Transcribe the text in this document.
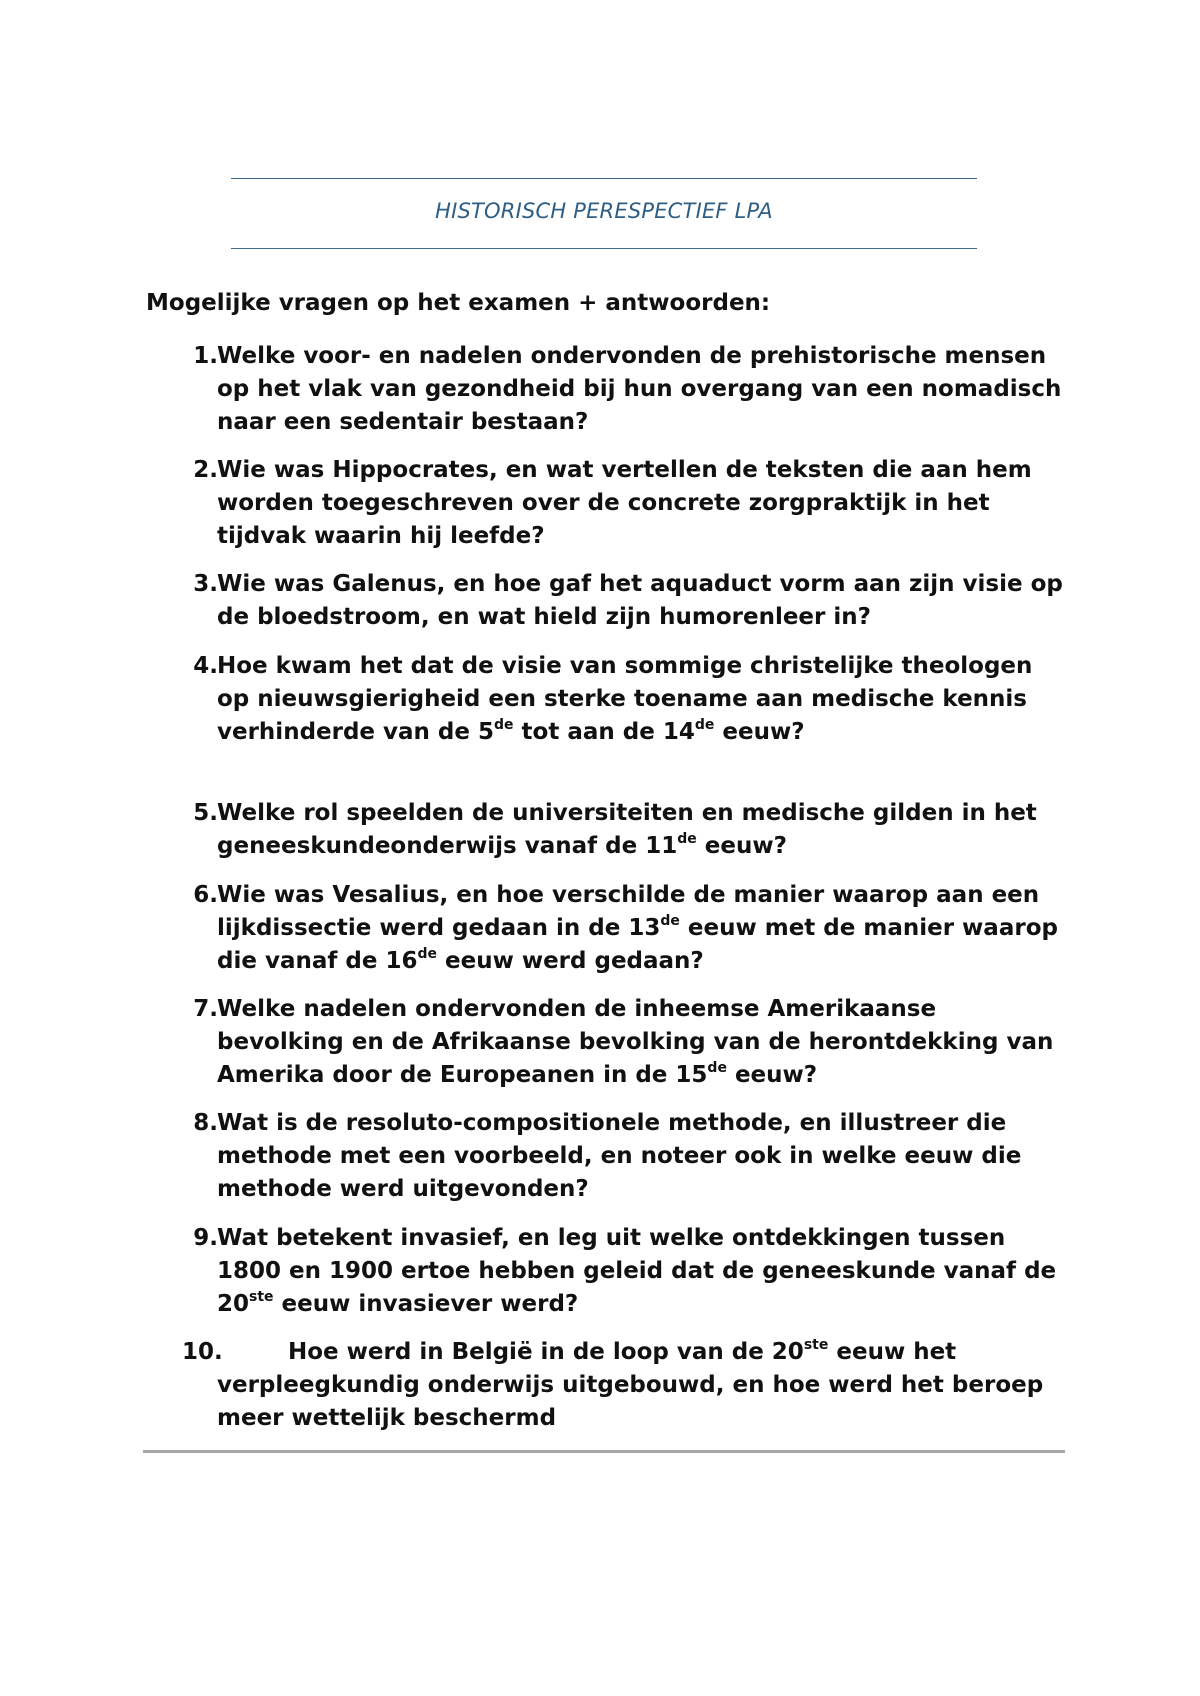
HISTORISCH PERESPECTIEF LPA
Mogelijke vragen op het examen + antwoorden:
1. Welke voor- en nadelen ondervonden de prehistorische mensen op het vlak van gezondheid bij hun overgang van een nomadisch naar een sedentair bestaan?
2. Wie was Hippocrates, en wat vertellen de teksten die aan hem worden toegeschreven over de concrete zorgpraktijk in het tijdvak waarin hij leefde?
3. Wie was Galenus, en hoe gaf het aquaduct vorm aan zijn visie op de bloedstroom, en wat hield zijn humorenleer in?
4. Hoe kwam het dat de visie van sommige christelijke theologen op nieuwsgierigheid een sterke toename aan medische kennis verhinderde van de 5de tot aan de 14de eeuw?
5. Welke rol speelden de universiteiten en medische gilden in het geneeskundeonderwijs vanaf de 11de eeuw?
6. Wie was Vesalius, en hoe verschilde de manier waarop aan een lijkdissectie werd gedaan in de 13de eeuw met de manier waarop die vanaf de 16de eeuw werd gedaan?
7. Welke nadelen ondervonden de inheemse Amerikaanse bevolking en de Afrikaanse bevolking van de herontdekking van Amerika door de Europeanen in de 15de eeuw?
8. Wat is de resoluto-compositionele methode, en illustreer die methode met een voorbeeld, en noteer ook in welke eeuw die methode werd uitgevonden?
9. Wat betekent invasief, en leg uit welke ontdekkingen tussen 1800 en 1900 ertoe hebben geleid dat de geneeskunde vanaf de 20ste eeuw invasiever werd?
10.	Hoe werd in België in de loop van de 20ste eeuw het verpleegkundig onderwijs uitgebouwd, en hoe werd het beroep meer wettelijk beschermd
